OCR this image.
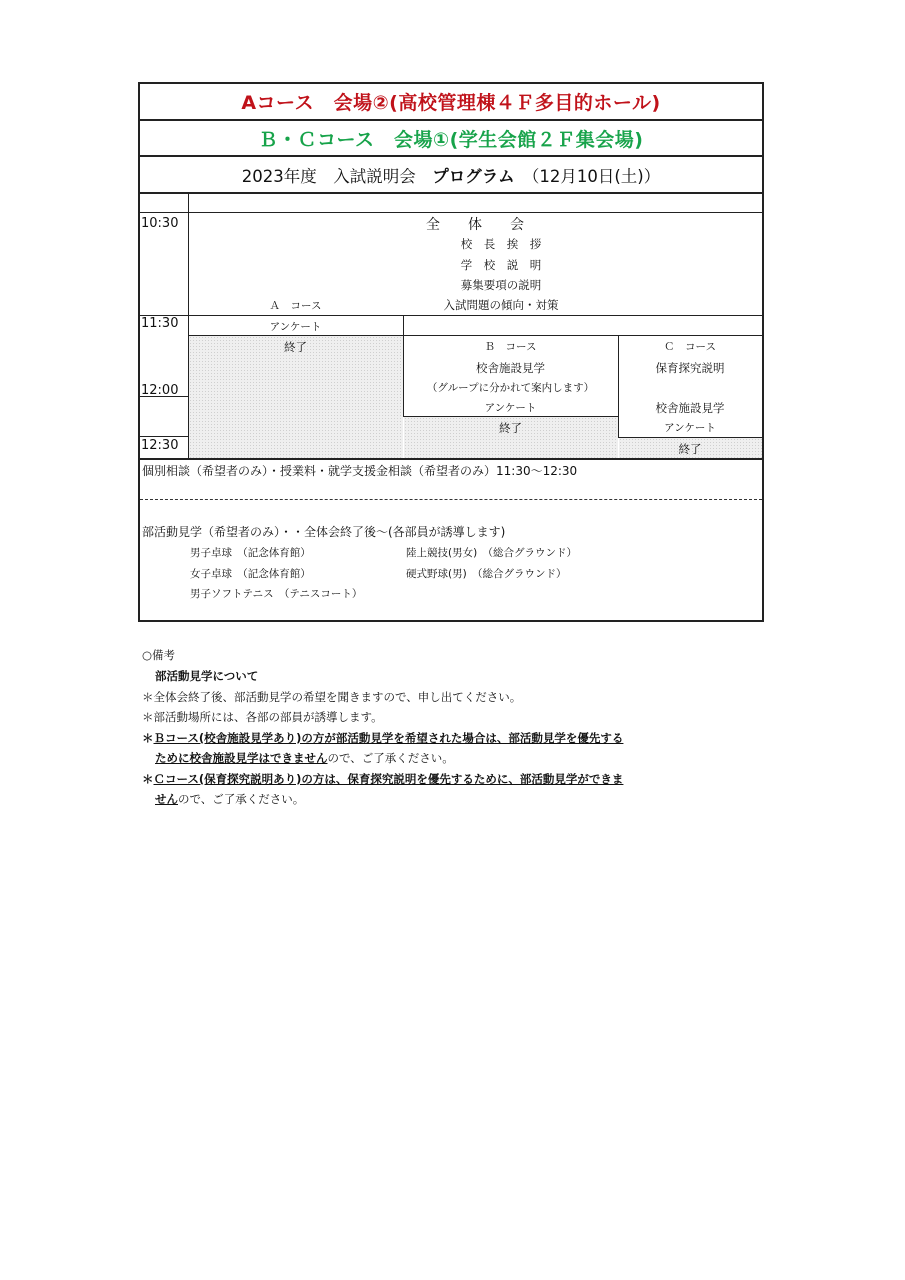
Aコース　会場②(高校管理棟４Ｆ多目的ホール)
Ｂ・Ｃコース　会場①(学生会館２Ｆ集会場)
2023年度　入試説明会　プログラム　（12月10日(土)）
10:30
11:30
12:00
12:30
全　　体　　会
校　長　挨　拶
学　校　説　明
募集要項の説明
入試問題の傾向・対策
Ａ　コース
アンケート
終了	Ｂ　コース
校舎施設見学
（グループに分かれて案内します）
アンケート
終了
Ｃ　コース
保育探究説明
校舎施設見学
アンケート
終了
個別相談（希望者のみ）・授業料・就学支援金相談（希望者のみ）11:30～12:30
部活動見学（希望者のみ）・・全体会終了後～(各部員が誘導します)
男子卓球　（記念体育館）
女子卓球　（記念体育館）
男子ソフトテニス　（テニスコート）
陸上競技(男女)　（総合グラウンド）
硬式野球(男)　（総合グラウンド）
○備考
部活動見学について
＊全体会終了後、部活動見学の希望を聞きますので、申し出てください。
＊部活動場所には、各部の部員が誘導します。
＊Ｂコース(校舎施設見学あり)の方が部活動見学を希望された場合は、部活動見学を優先する
ために校舎施設見学はできませんので、ご了承ください。
＊Ｃコース(保育探究説明あり)の方は、保育探究説明を優先するために、部活動見学ができま
せんので、ご了承ください。
